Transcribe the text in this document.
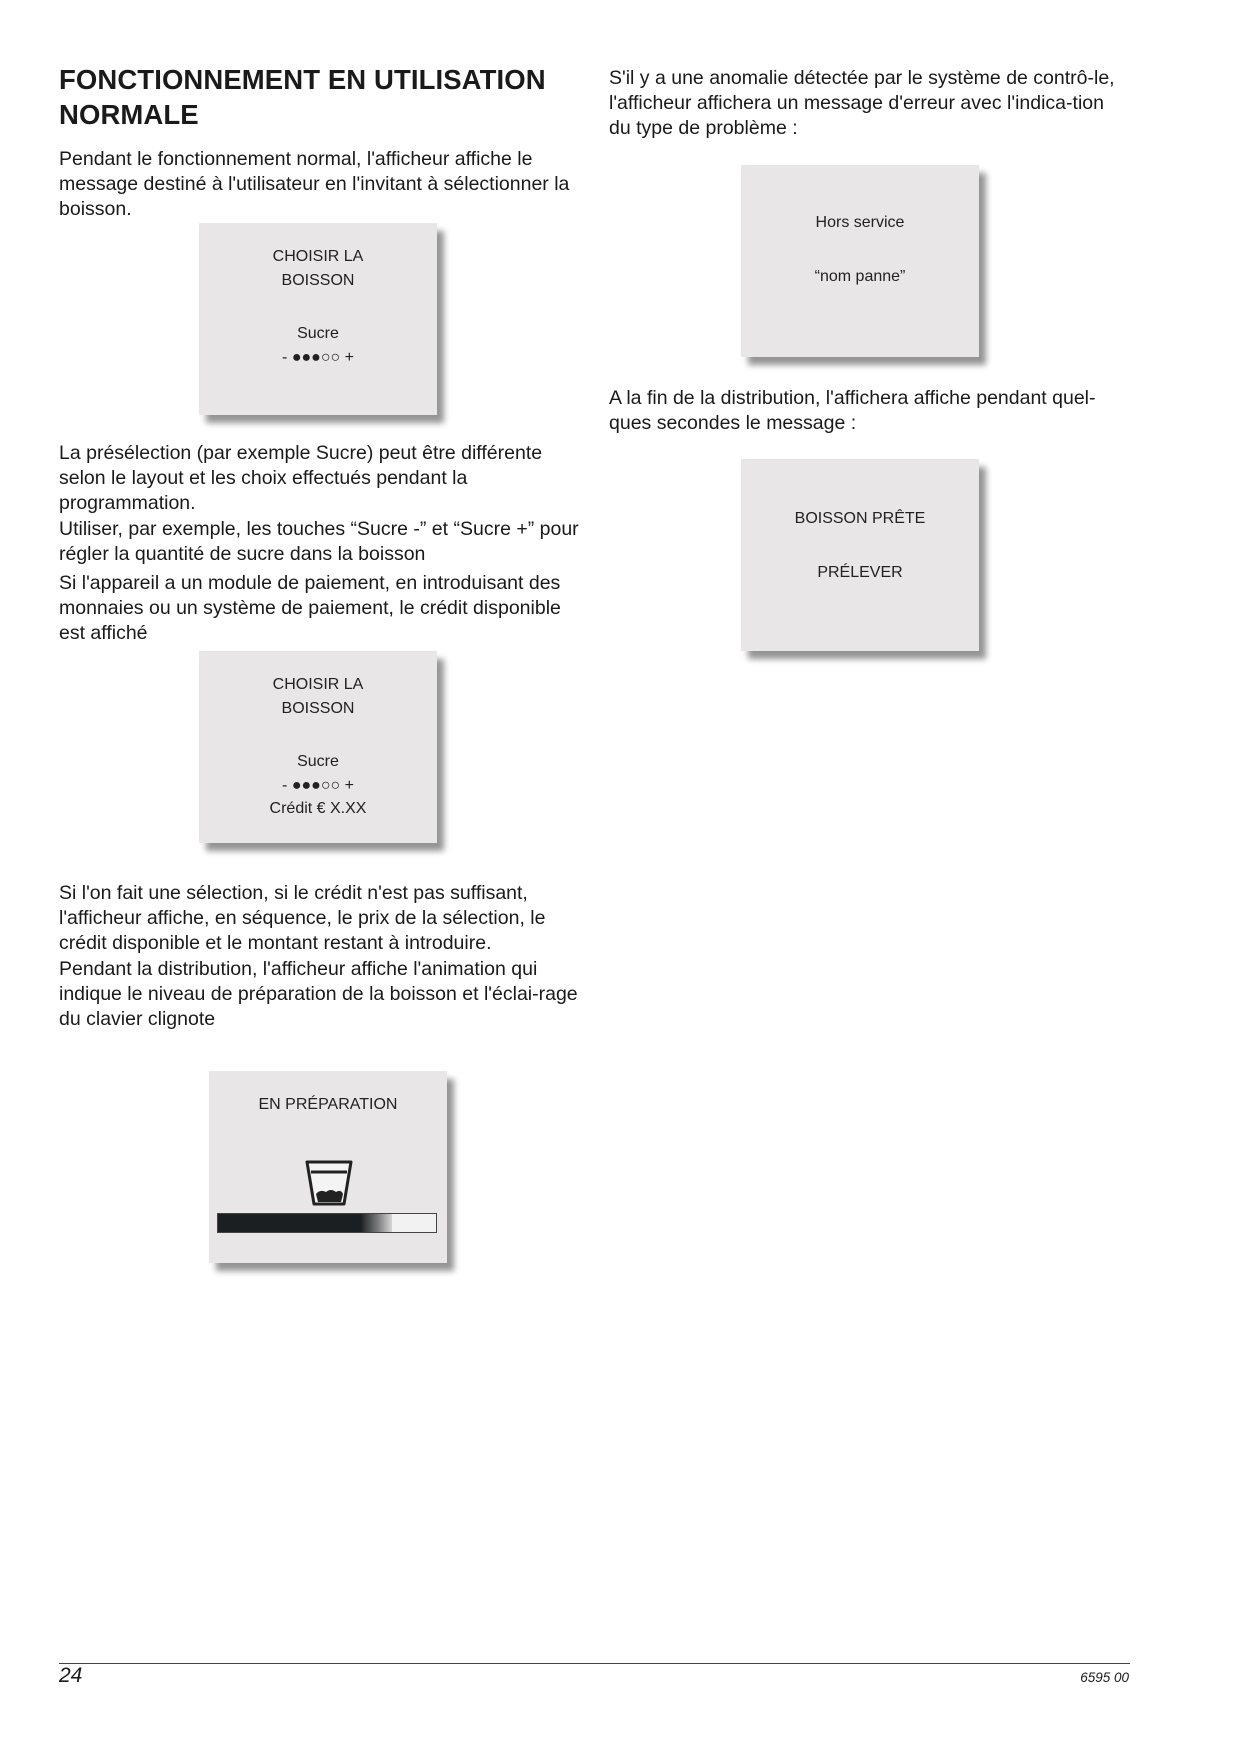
FONCTIONNEMENT EN UTILISATION
NORMALE

Pendant le fonctionnement normal, l'afficheur affiche le message destiné à l'utilisateur en l'invitant à sélectionner la boisson.

CHOISIR LA
BOISSON
Sucre
- ●●●○○ +

La présélection (par exemple Sucre) peut être différente selon le layout et les choix effectués pendant la programmation.

Utiliser, par exemple, les touches “Sucre -” et “Sucre +” pour régler la quantité de sucre dans la boisson

Si l'appareil a un module de paiement, en introduisant des monnaies ou un système de paiement, le crédit disponible est affiché

CHOISIR LA
BOISSON
Sucre
- ●●●○○ +
Crédit € X.XX

Si l'on fait une sélection, si le crédit n'est pas suffisant, l'afficheur affiche, en séquence, le prix de la sélection, le crédit disponible et le montant restant à introduire.

Pendant la distribution, l'afficheur affiche l'animation qui indique le niveau de préparation de la boisson et l'éclai-rage du clavier clignote

EN PRÉPARATION

S'il y a une anomalie détectée par le système de contrô-le, l'afficheur affichera un message d'erreur avec l'indica-tion du type de problème :

Hors service
“nom panne”

A la fin de la distribution, l'affichera affiche pendant quel-ques secondes le message :

BOISSON PRÊTE
PRÉLEVER
24	6595 00
